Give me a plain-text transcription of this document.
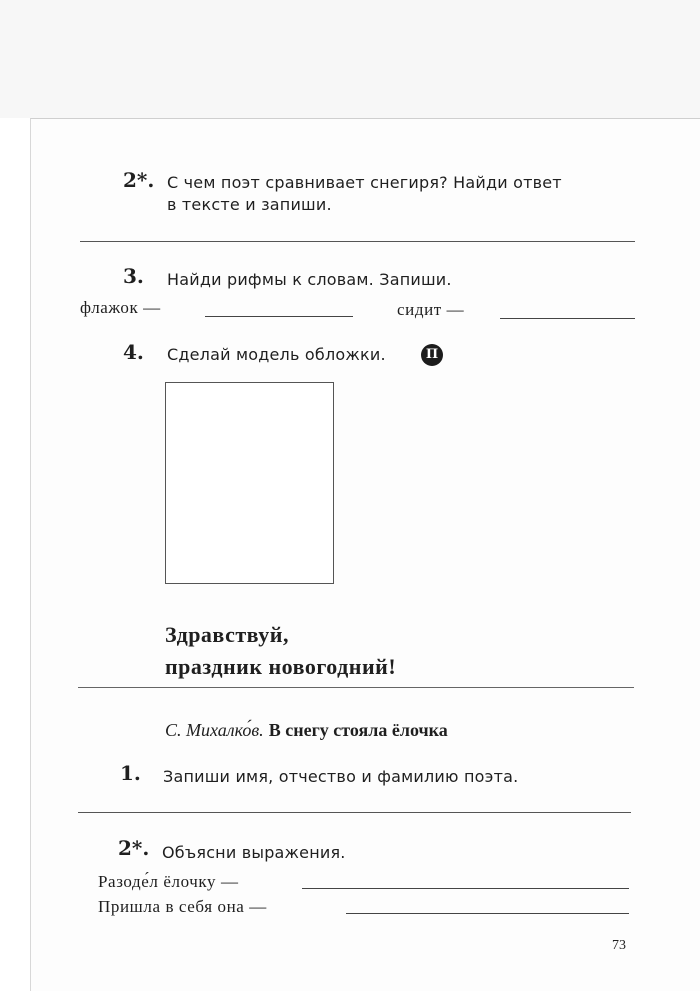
2*. С чем поэт сравнивает снегиря? Найди ответ
в тексте и запиши.
3. Найди рифмы к словам. Запиши.
флажок —	сидит —
4. Сделай модель обложки.	П
Здравствуй,
праздник новогодний!
С. Михалко́в. В снегу стояла ёлочка
1. Запиши имя, отчество и фамилию поэта.
2*. Объясни выражения.
Разоде́л ёлочку —
Пришла в себя она —
73
